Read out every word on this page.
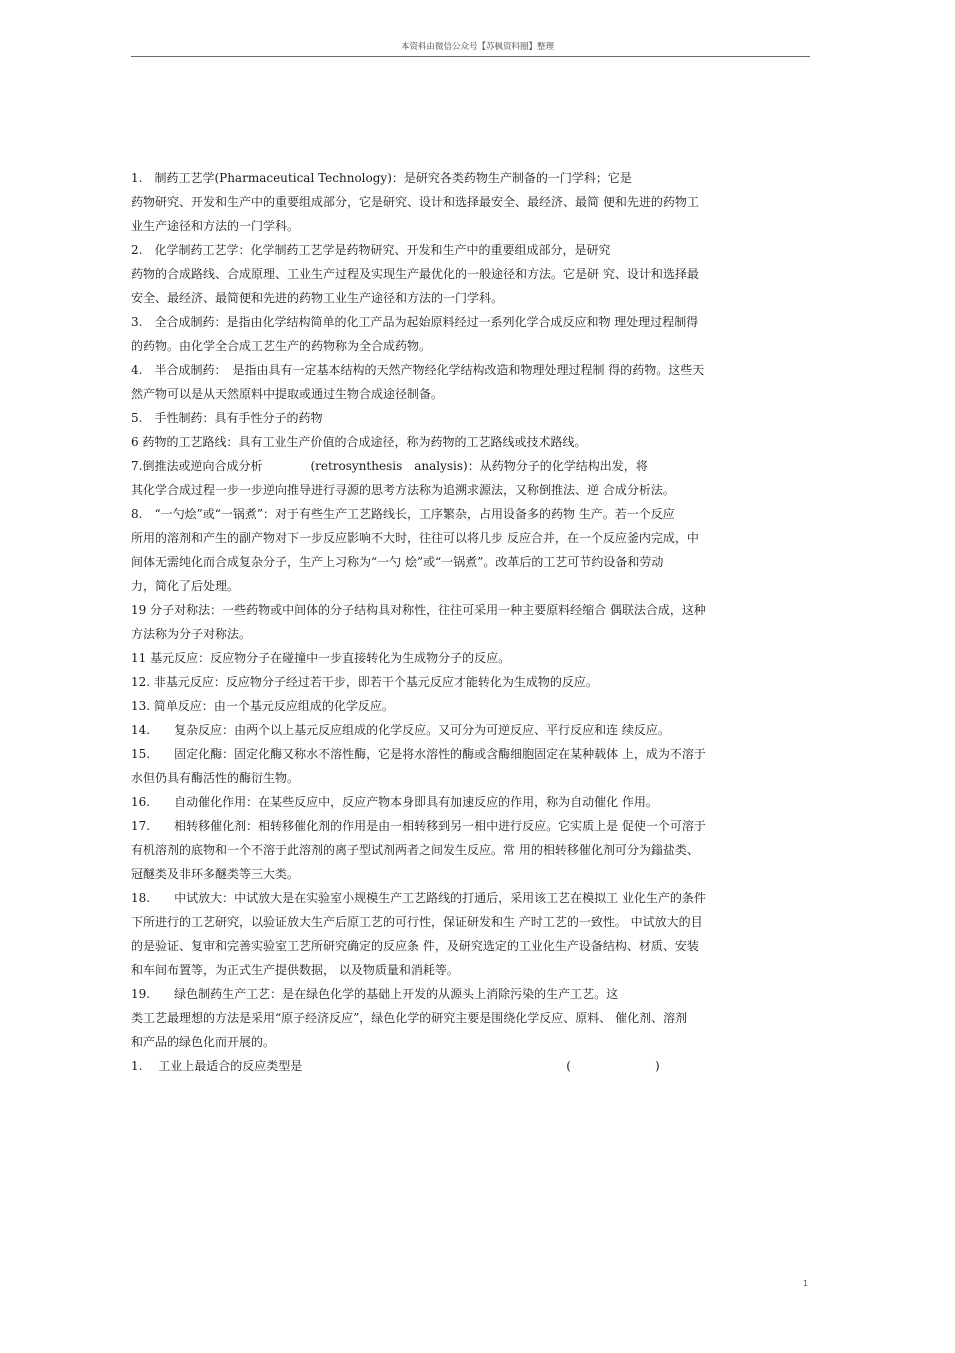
本资料由微信公众号【苏枫资料圈】整理
1.　制药工艺学(Pharmaceutical Technology)：是研究各类药物生产制备的一门学科；它是
药物研究、开发和生产中的重要组成部分，它是研究、设计和选择最安全、最经济、最简 便和先进的药物工
业生产途径和方法的一门学科。
2.　化学制药工艺学：化学制药工艺学是药物研究、开发和生产中的重要组成部分，是研究
药物的合成路线、合成原理、工业生产过程及实现生产最优化的一般途径和方法。它是研 究、设计和选择最
安全、最经济、最简便和先进的药物工业生产途径和方法的一门学科。
3.　全合成制药：是指由化学结构简单的化工产品为起始原料经过一系列化学合成反应和物 理处理过程制得
的药物。由化学全合成工艺生产的药物称为全合成药物。
4.　半合成制药：　是指由具有一定基本结构的天然产物经化学结构改造和物理处理过程制 得的药物。这些天
然产物可以是从天然原料中提取或通过生物合成途径制备。
5.　手性制药：具有手性分子的药物
6 药物的工艺路线：具有工业生产价值的合成途径，称为药物的工艺路线或技术路线。
7.倒推法或逆向合成分析　　　　(retrosynthesis　analysis)：从药物分子的化学结构出发，将
其化学合成过程一步一步逆向推导进行寻源的思考方法称为追溯求源法，又称倒推法、逆 合成分析法。
8.　“一勺烩”或“一锅煮”：对于有些生产工艺路线长，工序繁杂，占用设备多的药物 生产。若一个反应
所用的溶剂和产生的副产物对下一步反应影响不大时，往往可以将几步 反应合并，在一个反应釜内完成，中
间体无需纯化而合成复杂分子，生产上习称为“一勺 烩”或“一锅煮”。改革后的工艺可节约设备和劳动
力，简化了后处理。
19 分子对称法：一些药物或中间体的分子结构具对称性，往往可采用一种主要原料经缩合 偶联法合成，这种
方法称为分子对称法。
11 基元反应：反应物分子在碰撞中一步直接转化为生成物分子的反应。
12. 非基元反应：反应物分子经过若干步，即若干个基元反应才能转化为生成物的反应。
13. 简单反应：由一个基元反应组成的化学反应。
14.　　复杂反应：由两个以上基元反应组成的化学反应。又可分为可逆反应、平行反应和连 续反应。
15.　　固定化酶：固定化酶又称水不溶性酶，它是将水溶性的酶或含酶细胞固定在某种载体 上，成为不溶于
水但仍具有酶活性的酶衍生物。
16.　　自动催化作用：在某些反应中，反应产物本身即具有加速反应的作用，称为自动催化 作用。
17.　　相转移催化剂：相转移催化剂的作用是由一相转移到另一相中进行反应。它实质上是 促使一个可溶于
有机溶剂的底物和一个不溶于此溶剂的离子型试剂两者之间发生反应。常 用的相转移催化剂可分为鎓盐类、
冠醚类及非环多醚类等三大类。
18.　　中试放大：中试放大是在实验室小规模生产工艺路线的打通后，采用该工艺在模拟工 业化生产的条件
下所进行的工艺研究，以验证放大生产后原工艺的可行性，保证研发和生 产时工艺的一致性。 中试放大的目
的是验证、复审和完善实验室工艺所研究确定的反应条 件，及研究选定的工业化生产设备结构、材质、安装
和车间布置等，为正式生产提供数据， 以及物质量和消耗等。
19.　　绿色制药生产工艺：是在绿色化学的基础上开发的从源头上消除污染的生产工艺。这
类工艺最理想的方法是采用“原子经济反应”，绿色化学的研究主要是围绕化学反应、原料、 催化剂、溶剂
和产品的绿色化而开展的。
1.　 工业上最适合的反应类型是　　　　　　　　　　　　　　　　　　　　　　(　　　　　　　)
1
